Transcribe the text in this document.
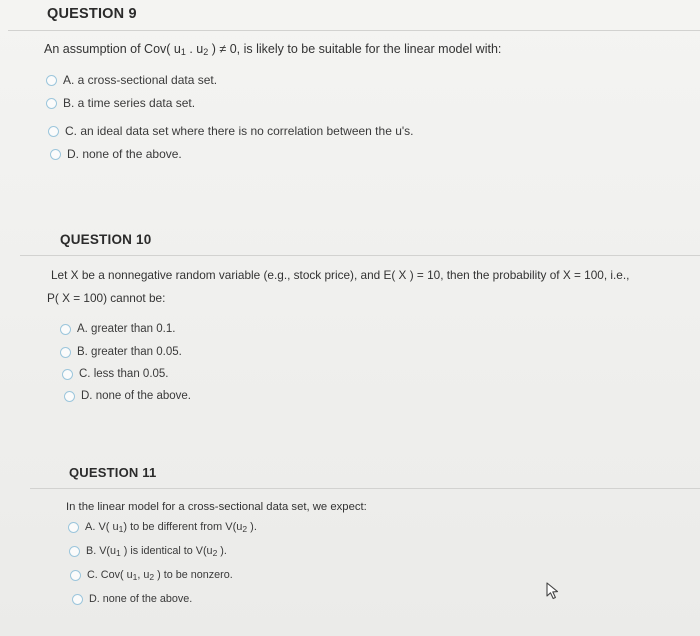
QUESTION 9
An assumption of Cov( $u_1$ . $u_2$ ) ≠ 0, is likely to be suitable for the linear model with:
A. a cross-sectional data set.
B. a time series data set.
C. an ideal data set where there is no correlation between the u's.
D. none of the above.
QUESTION 10
Let X be a nonnegative random variable (e.g., stock price), and E( X ) = 10, then the probability of X = 100, i.e.,
P( X = 100) cannot be:
A. greater than 0.1.
B. greater than 0.05.
C. less than 0.05.
D. none of the above.
QUESTION 11
In the linear model for a cross-sectional data set, we expect:
A. V( $u_1$) to be different from $V(u_2$ ).
B. $V(u_1$ ) is identical to $V(u_2$ ).
C. Cov( $u_1$, $u_2$ ) to be nonzero.
D. none of the above.
